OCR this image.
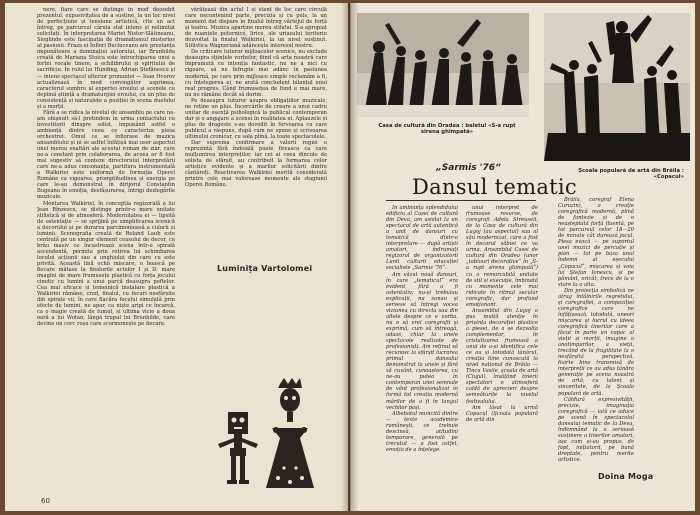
nere, fiare care se distinge în mod deosebit prezentul, expusivitatea de a sustine, la un loc nivel de perfecțiune și tensiune artistică, cite un act întreg, pe parcursul căruia stat intens și nelimitat solicitați. În interpretarea Mariei Nistor-Slătineanu, Sieglinde este fascinația de dramatismul misterios al pasiunii. Fraza ei Înflori Buciuceanu are prestanța impunătoare a dominației autorului, iar Brunhilda creată de Mariana Stoica este întruchiparea unui a forței vocale tinere, a echilibrului și spiritului de sacrificiu. În rolul lui Hunding, Adrian Ștefănescu și — intens spectacol ulterior pronunței — Ioan Hvorov actualizează în mod convingător asprimea, caracterul sumbru al expertei eroului și scenele cu deplină știință a dramaturgiei eroului, cu un plus de consistență și naturalețe a poziției în scena duelului și a morții.

Fără a se ridica la nivelul de ansamblu pe care ne-am obișnuit să-l pretindem în urma contactului cu învestitorii dinspre solist, impunând astfel o ambianță dintre ceea ce caracteriza piesa orchestrei. Omul ce se înfiorase de muzica ansamblului și ni se astfel înfățișă mai usor aspectul unei mereu exaltări ale acestui roman de ziar, care ne-a constant prin colaborarea, de aceea ar fi fost mai sugestiv să conteze directorului interpretării care ne-a adus consonanța, partitura instrumentală a Walkiriei este uniformă de formația Operei Române ca vigoarea, promptitudinea și energia pe care le-au demonstrat în dirijorul Constantin Bugeanu în emoția, desfășurarea, întrigi dezlegările muzicale.

Montarea Walkiriei, în concepția regizorală a lui Jean Rînzescu, se distinge printr-o mare unitate stilistică și de atmosferă. Modernitatea ei — lipsită de ostentație — se sprijină pe simplificarea scenică a decorului și pe durarea parcimonioasă a culorii și luminii. Scenografia creată de Roland Laub este centrată pe un singur element ceasului de decor, cu brâu masiv ce încastrează scena într-o spirală ascendentă, permite prin rotirea lui schimbarea locului acțiunii sau a unghiului din care cu este privită. Această lină ochii mișcare, o hoască pe fiecare mătase la finalurile actelor I și II: mare imagini de mare frumusețe plastică cu forța jocului cinetic cu lumini a unui parcă deasupra poftelor. Cea mai eficace și temeinică instalare plastică a Walkiriei rămâne, cred, finalul, cu focuri nesfârșite din spirale vii, în care flacăra focului simulată prin efecte de lumini, ne apar, ca niște aripi ce încarcă, ca o magie creată de fumul, și ultima vicie a doua oară a lui Wotan, lângă trupul lui Brunhilde, care devine un cerc roșu care scormonește pe fiecare.

vărăteasă din actul I și stanț de loc care circulă care necontenind parte, precizia și cu puls, la un moment dat dispare în finalul întreg vârtejul de forță și teatru. Muzica aparține mereu stilului. S-a apropiat de nuanțele puternice, lirice, ale uriașului teritoriu dezvoltat la finalul Walkiriei, la un nivel susținut. Stilistica Wagneriană adâncește interesul nostru.

De criticare tuturor mijloacelor scenice, nu exclude deasupra sțiințele vorbelor, fiind că arta noastră care împrumută cu intenția fantastic, nu ne a nici cu rigoare, să ne înfrupte mai adânc în pasiunea modernă, pe care prin mijloace simple reclamăm a fi, cu înțelegerea ei, ne arată concludent bilanțul unui real progres. Când frumusețea de fond e mai mare, nu ne rămâne decât să dorim.

Pe deasupra tuturor asupra obligațiilor muzicale, ne reține un plus. Încercările de creare a unui cadru unitar de esență psihologică la publicul contemporan dar și o angajare a scenei în realitatea ei. Aplauzele și plus de dragoste s-au dovedit în fervoarea cu care publicul a răspuns, după cum ne spune și scrisoarea ultimului cronicar, cu sala plină, la toate spectacolele.

Dar suprema confirmare a valorii regiei o reprezintă fără îndoială poate fireasca ca care mulțumirea interpreților, iar cei ai ceea dincolo de solista de sfârșit, au contribuit la formarea celor artistice evidente și a marilor solicitării dintre cântăreți. Reactivarea Walkiriei merită considerată printre cele mai valoroase momente ale stagiunii Operei Române.

Luminița Vartolomei
60
Casa de cultură din Oradea : baletul «S-a rupt sirena ghimpată»
„Sarmis '76“
Dansul tematic
Școala populară de artă din Brăila : «Copacul»

În ambianța splendidului edificiu al Casei de cultură din Deva, am asistat la un spectacol de artă autentică a unit de dansuri cu tematică dintr-o interpretare — după artiști amatori, îndrumați regizoral de organizatorii Lunii culturii educației socialiste „Sarmis '76“.

Am văzut nouă dansuri, în care „tematicul“ era evident, fără a fi ostentativ; nu-și trebuiau explicații, nu sunau și servese să întregi vocea viziunea cu directa sau din altele despre ce e vorba, nu o să vrei coregrafii și exprimă, cum să întreagă, adaos, chiar la unele spectacole realizate de profesioniști. Am reținut să recunosc la sfârșit lucrarea primul dansului demonstrat la unele și fără să cuvânt, cunoașterea, cu ne-au putea în contemporan unei semnale de vânt profesionalizat în formă tot creația modernă mărilor de a fi în lungul vechilor pași.

Albebatul muncită dintre — texte academice românești, ce trebuie descinsă, atitudini temporare, generală pe trecutul — a fost astfel, emoția de a înțelege.

unui interpret de frumoase resurse, de coregrafi Adela Streuseli, de la Casa de cultură din Lugoj (au aspectul) sau al său modernizat, care a fost în decorul săbiei ce va urma. Ansamblul Casei de cultură din Oradea (unor „tablouri decorative“ în „S-a rupt sirena ghimpată“) cu o remarcabilă unitate de stil și execuție, îmbinată cu momente cele mai ridicate în ritmul secular coregrafic, dar profund emoționant.

Ansamblul din Lugoj a pus multă atenție în privința decorației plastice a piesei, de a se dezvolta complementar, în cristalizarea frumoasă a unui de a-și identifica cele ce au și totodată tânărul, creația bine cunoscută la nivel național de Brăila — Tincu Vasile, școala de artă (Clujul), învățând tinerii spectatori o atmosferă caldă de aprecieri despre semnăturile la nivelul festivalului.

Am lăsat la urmă Copacul (Școala populară de artă din

Brăila, coregraf Elena Curuzin), o creație coregrafică modernă, plină de fantezie și de o neașteptată forță fluentă, pe tot parcursul celor 18—20 de minute cât durează jocul. Piesa evocă — pe suportul unei muzici de percuție și pian — tot pe baza unui îndemn al eșecului „Copacul“, mișcarea și voia lui Ștefan Ionescu, și pe pământ, oricât, trece de la o stare la o alta.

Din proiecția simbolică ne atrag întâlnirile regretului, și coregrafiei, a compoziției coregrafice care ne înfățișează, totodată, uneori mișcarea și lucrul cu ideea coregrafică tinerilor care a făcut în parte un copac al vieții și morții, imagine a anotimpurilor, a vieții, trecând de la fragilitate la o nesfârșită perspectivă, foarte bine transmisă de interpreții ce au adus tânăra generație pe scena noastră de artă, cu talent și sinceritate, de la Școala populară de artă.

Căldură expresivității, precizie, imaginația coregrafică — iată ce aduce pe scenă în spectacolul dansului tematic de la Deva, îndemnând la o serioasă susținere a tinerilor amatori, așa cum și-au propus, de fapt, inițiatorii, pe bună dreptate, pentru merite artistice.

Doina Moga
